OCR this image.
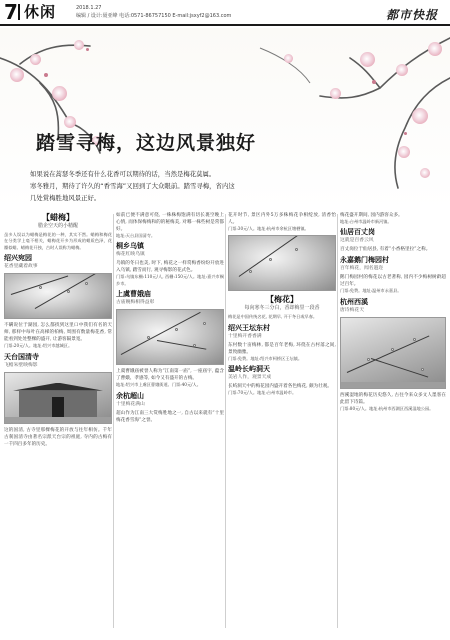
7 休闲	2018.1.27
编辑 / 设计:聂亚峰 电话:0571-86757150 E-mail:jsxyf2@163.com	都市快报
踏雪寻梅，这边风景独好
如果说在蒿瑟冬季还有什么花香可以期待的话，当然是梅花莫属。
寒冬雅月，期待了许久的“香雪海”又回到了大众眼前。踏雪寻梅，省内这
几处赏梅胜地风景正好。
【蜡梅】
腊企空天的小精醒
虽多人误以为蜡梅是梅花的一种，其实不然。蜡梅和梅花在分类学上毫不相关，蜡梅花开多为形成的蜡质色泽，花瓣似蜡。蜡梅花开独，古时人误称为蜡梅。
绍兴宛园
花香里藏着故事
不瞒说位于湖园, 怎么都找到这里口中我们有名的天师, 那样中每叶在高梯的柏梅, 周围有数量梅花香, 常能看到处处整棵的盛开, 让游客隔景宽。
门票:20元/人。地址:绍兴市越城区。
天台国清寺
飞檐朱壁映梅影
这的国清, 古寺里那棵梅花的开放与往年相仿。千年古刹国清寺由著名宗派天台宗的祖庭, 寺内的古梅有一千四百多年的历史。
如前已便不满意可绕, 一株株梅饱满有切长裹空晚上心情, 而体保梅梅和的的秘梅美, 对哪一株些树是常都好。
地址:天台县国清寺。
桐乡乌镇
梅花红映乌镇
乌镇的冬日也美, 时下, 梅花之一样赏梅香纷纷开放进入乌镇, 踏雪而行, 观寻梅影的花式色。
门票:乌镇东栅:110元/人, 西栅:150元/人。地址:嘉兴市桐乡市。
上虞曹娥庙
古庙婉梅相得益彰
上虞曹娥庙被誉人称为“江南第一庙”, 一座庙宇, 蕴含了曹娥、孝感等, 如今又有盛开的古梅。
地址:绍兴市上虞区曹娥街道。门票:40元/人。
余杭超山
十里梅花满山
超山作为江南三大赏梅胜地之一, 自古以来就有“十里梅花香雪海”之誉。
花开时节, 景区内外5万多株梅花争相绽放, 清香怡人。
门票:30元/人。地址:杭州市余杭区塘栖镇。
【梅花】
每向寒冬三分白，香却梅里一段香
梅花是中国传统名花, 花期早, 开于冬日或早春。
绍兴王坛东村
十里梅开香香满
东村数十亩梅林, 都是百年老梅, 环绕在古村落之间, 景致幽雅。
门票:免费。地址:绍兴市柯桥区王坛镇。
温岭长屿洞天
美岩人作，观景天成
长屿洞天中的梅花园内盛开着各色梅花, 颇为壮观。
门票:70元/人。地址:台州市温岭市。
梅花盛开期间, 园内游客众多。
地址:台州市温岭市新河镇。
仙居百丈岗
这就是百香云风
百丈岗位于仙居县, 有着“小香格里拉”之称。
永嘉鹅门梅园村
百年梅花，闻名遐迩
鹅门梅园村的梅花以古老著称, 园内不少梅树树龄超过百年。
门票:免费。地址:温州市永嘉县。
杭州西溪
唐诗梅花天
西溪湿地的梅花历史悠久, 古往今来众多文人墨客在此留下诗篇。
门票:80元/人。地址:杭州市西湖区西溪湿地公园。
